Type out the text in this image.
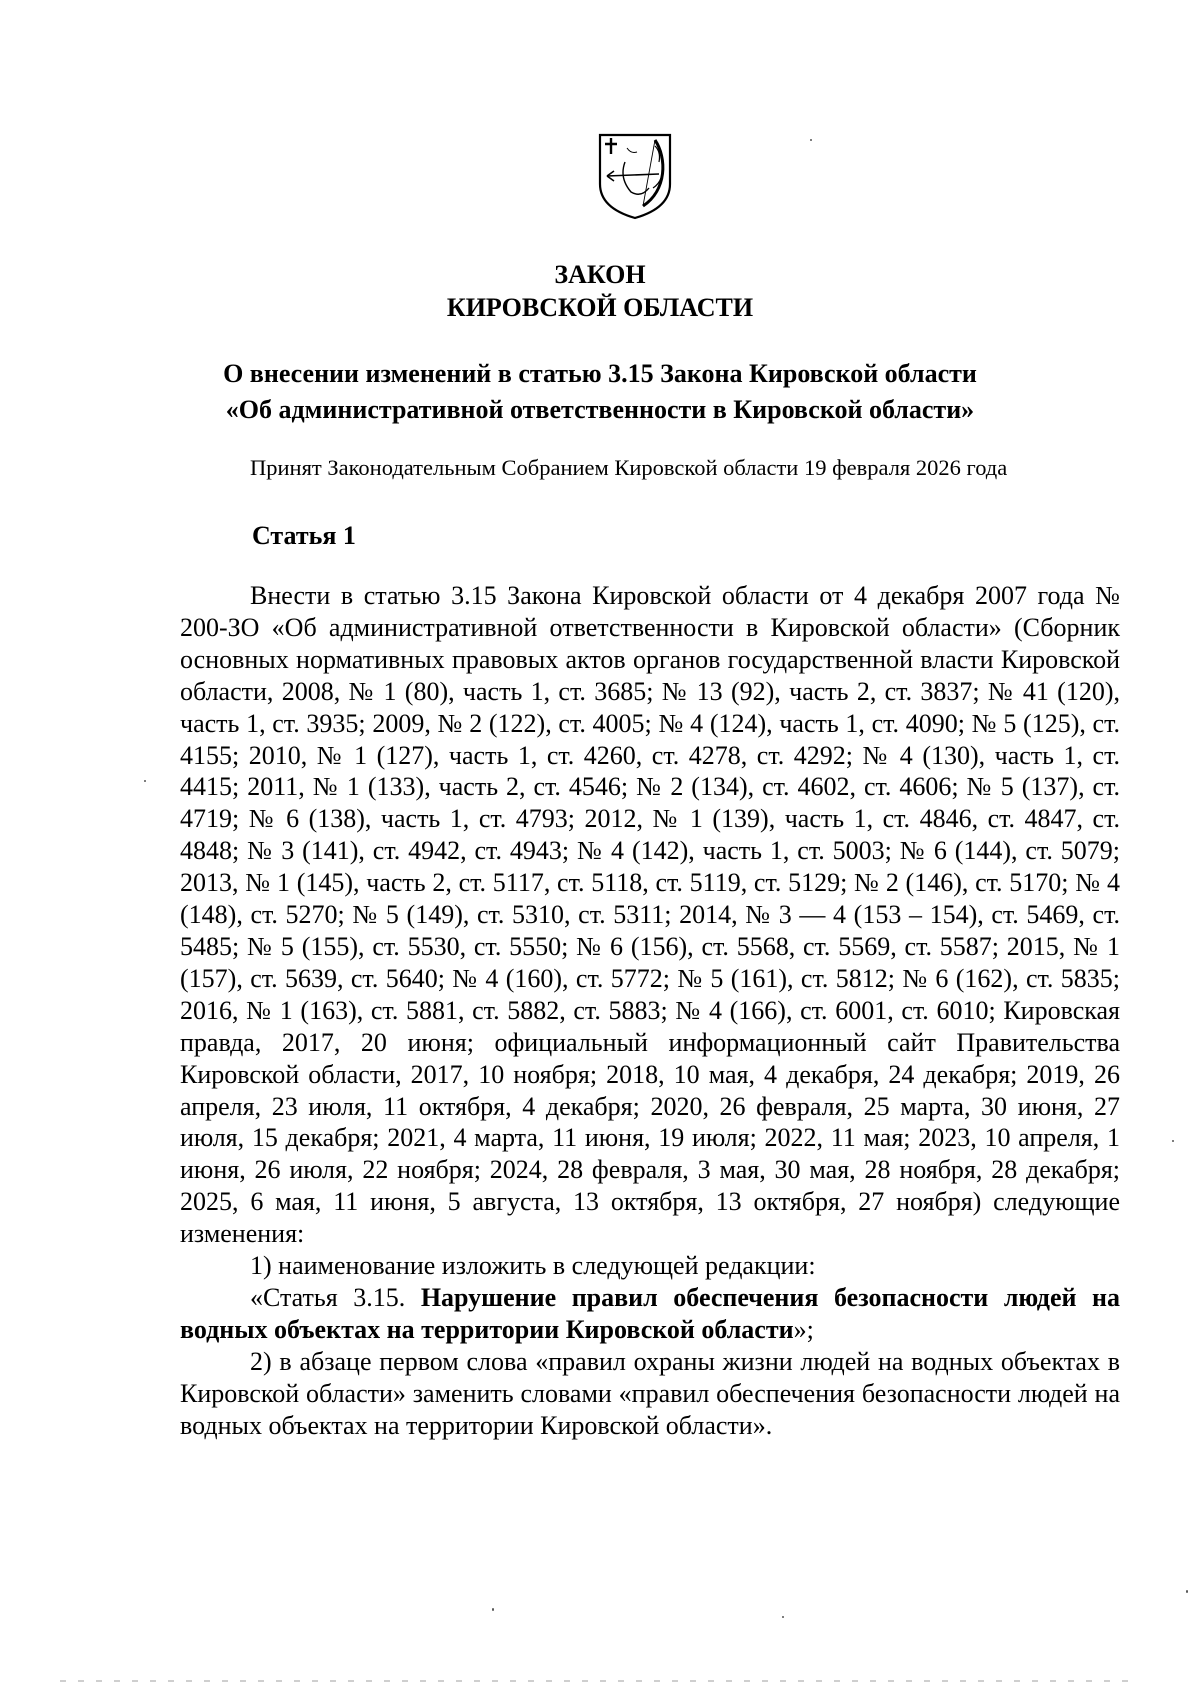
ЗАКОН
КИРОВСКОЙ ОБЛАСТИ
О внесении изменений в статью 3.15 Закона Кировской области
«Об административной ответственности в Кировской области»
Принят Законодательным Собранием Кировской области 19 февраля 2026 года
Статья 1

Внести в статью 3.15 Закона Кировской области от 4 декабря 2007 года № 200-ЗО «Об административной ответственности в Кировской области» (Сборник основных нормативных правовых актов органов государственной власти Кировской области, 2008, № 1 (80), часть 1, ст. 3685; № 13 (92), часть 2, ст. 3837; № 41 (120), часть 1, ст. 3935; 2009, № 2 (122), ст. 4005; № 4 (124), часть 1, ст. 4090; № 5 (125), ст. 4155; 2010, № 1 (127), часть 1, ст. 4260, ст. 4278, ст. 4292; № 4 (130), часть 1, ст. 4415; 2011, № 1 (133), часть 2, ст. 4546; № 2 (134), ст. 4602, ст. 4606; № 5 (137), ст. 4719; № 6 (138), часть 1, ст. 4793; 2012, № 1 (139), часть 1, ст. 4846, ст. 4847, ст. 4848; № 3 (141), ст. 4942, ст. 4943; № 4 (142), часть 1, ст. 5003; № 6 (144), ст. 5079; 2013, № 1 (145), часть 2, ст. 5117, ст. 5118, ст. 5119, ст. 5129; № 2 (146), ст. 5170; № 4 (148), ст. 5270; № 5 (149), ст. 5310, ст. 5311; 2014, № 3 — 4 (153 – 154), ст. 5469, ст. 5485; № 5 (155), ст. 5530, ст. 5550; № 6 (156), ст. 5568, ст. 5569, ст. 5587; 2015, № 1 (157), ст. 5639, ст. 5640; № 4 (160), ст. 5772; № 5 (161), ст. 5812; № 6 (162), ст. 5835; 2016, № 1 (163), ст. 5881, ст. 5882, ст. 5883; № 4 (166), ст. 6001, ст. 6010; Кировская правда, 2017, 20 июня; официальный информационный сайт Правительства Кировской области, 2017, 10 ноября; 2018, 10 мая, 4 декабря, 24 декабря; 2019, 26 апреля, 23 июля, 11 октября, 4 декабря; 2020, 26 февраля, 25 марта, 30 июня, 27 июля, 15 декабря; 2021, 4 марта, 11 июня, 19 июля; 2022, 11 мая; 2023, 10 апреля, 1 июня, 26 июля, 22 ноября; 2024, 28 февраля, 3 мая, 30 мая, 28 ноября, 28 декабря; 2025, 6 мая, 11 июня, 5 августа, 13 октября, 13 октября, 27 ноября) следующие изменения:

1) наименование изложить в следующей редакции:

«Статья 3.15. Нарушение правил обеспечения безопасности людей на водных объектах на территории Кировской области»;

2) в абзаце первом слова «правил охраны жизни людей на водных объектах в Кировской области» заменить словами «правил обеспечения безопасности людей на водных объектах на территории Кировской области».
